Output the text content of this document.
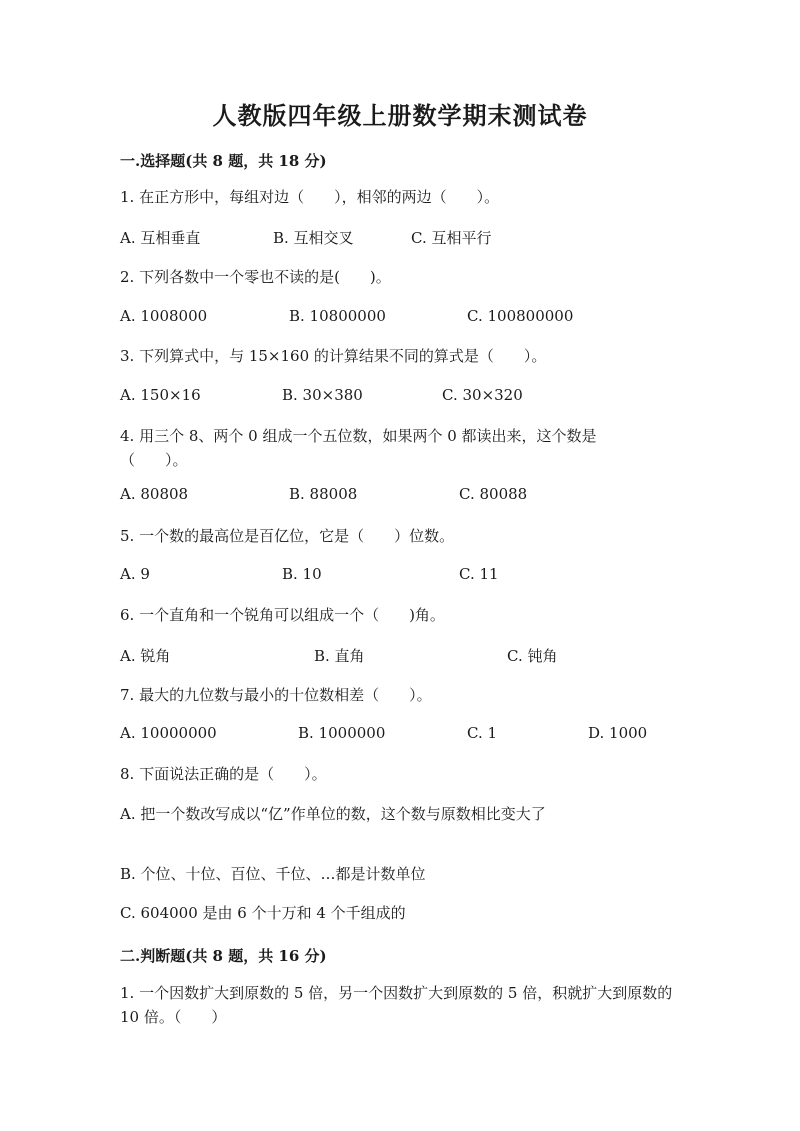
人教版四年级上册数学期末测试卷
一.选择题(共 8 题，共 18 分)
1. 在正方形中，每组对边（　　），相邻的两边（　　）。
A. 互相垂直	B. 互相交叉	C. 互相平行
2. 下列各数中一个零也不读的是(　　)。
A. 1008000	B. 10800000	C. 100800000
3. 下列算式中，与 15×160 的计算结果不同的算式是（　　）。
A. 150×16	B. 30×380	C. 30×320
4. 用三个 8、两个 0 组成一个五位数，如果两个 0 都读出来，这个数是（　　）。
A. 80808	B. 88008	C. 80088
5. 一个数的最高位是百亿位，它是（　　）位数。
A. 9	B. 10	C. 11
6. 一个直角和一个锐角可以组成一个（　　)角。
A. 锐角	B. 直角	C. 钝角
7. 最大的九位数与最小的十位数相差（　　）。
A. 10000000	B. 1000000	C. 1	D. 1000
8. 下面说法正确的是（　　）。
A. 把一个数改写成以“亿”作单位的数，这个数与原数相比变大了
B. 个位、十位、百位、千位、…都是计数单位
C. 604000 是由 6 个十万和 4 个千组成的
二.判断题(共 8 题，共 16 分)
1. 一个因数扩大到原数的 5 倍，另一个因数扩大到原数的 5 倍，积就扩大到原数的 10 倍。（　　）
